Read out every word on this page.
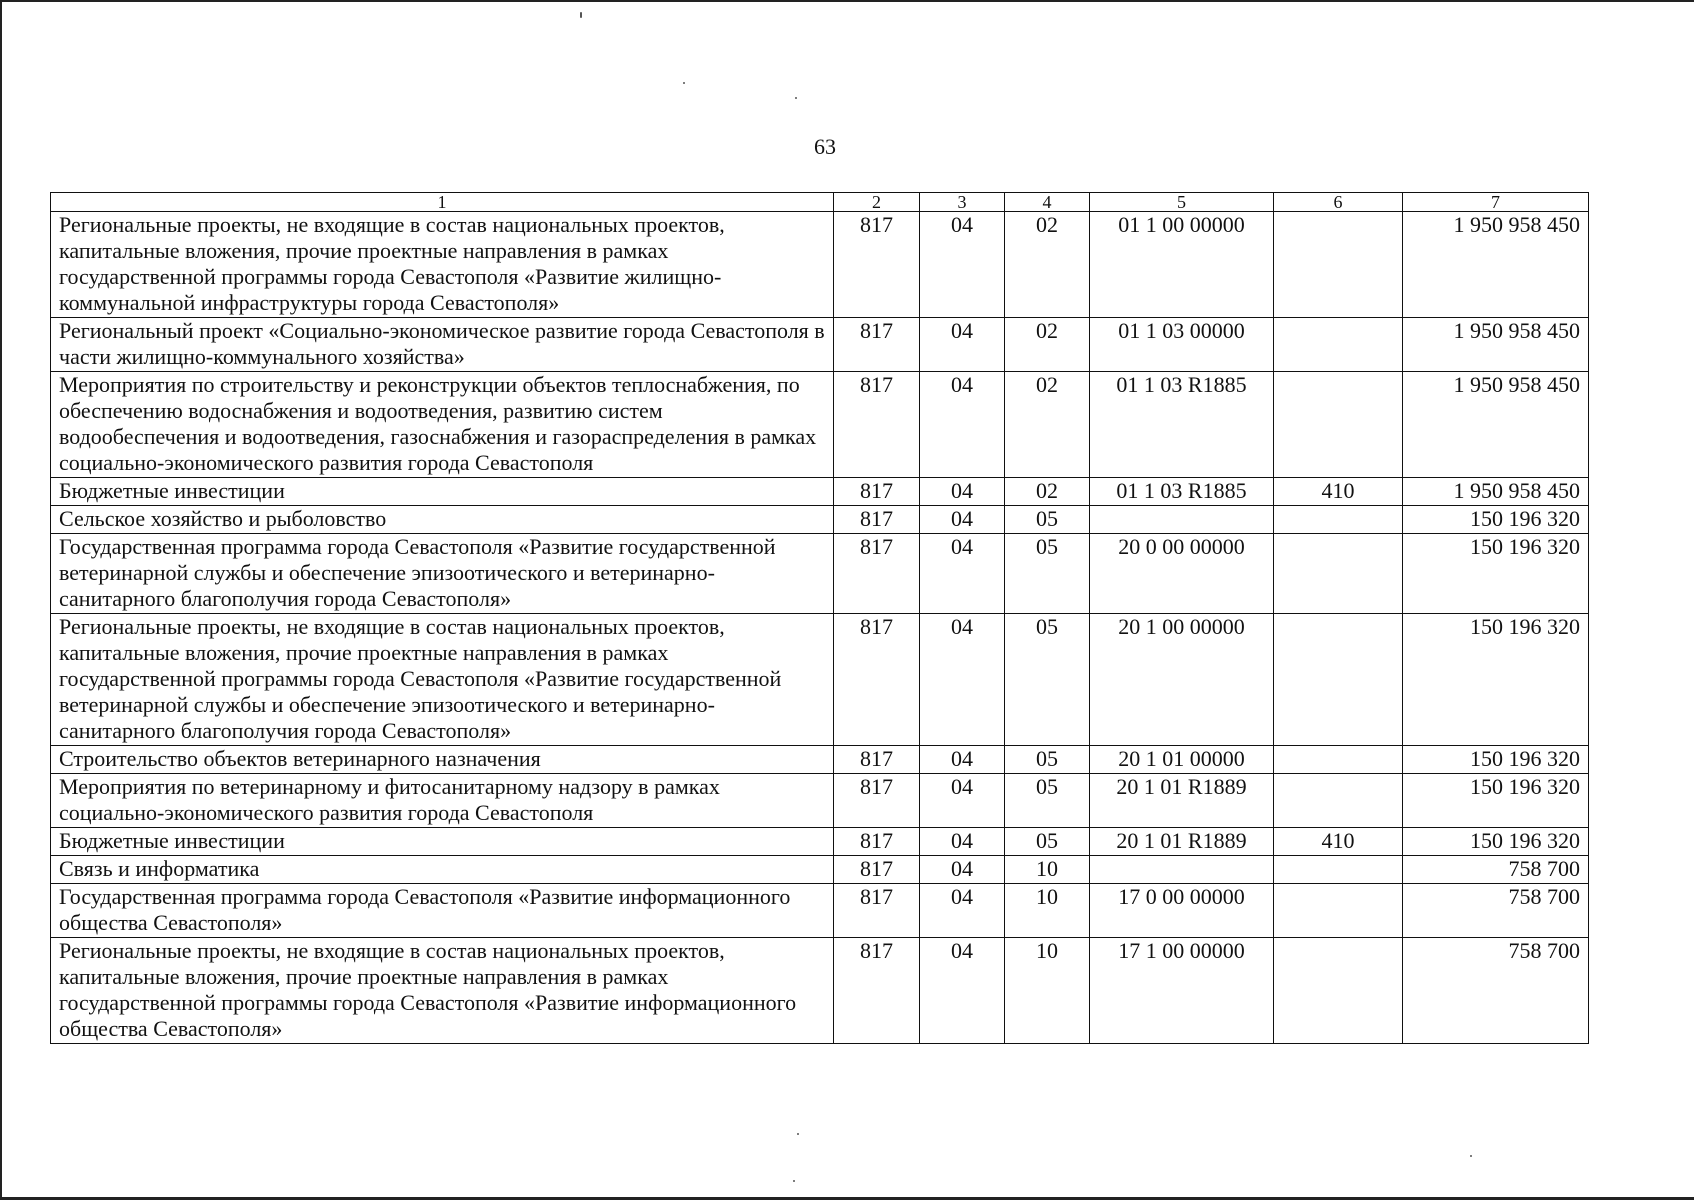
63
1	2	3	4	5	6	7
Региональные проекты, не входящие в состав национальных проектов, капитальные вложения, прочие проектные направления в рамках государственной программы города Севастополя «Развитие жилищно-коммунальной инфраструктуры города Севастополя»	817	04	02	01 1 00 00000		1 950 958 450
Региональный проект «Социально-экономическое развитие города Севастополя в части жилищно-коммунального хозяйства»	817	04	02	01 1 03 00000		1 950 958 450
Мероприятия по строительству и реконструкции объектов теплоснабжения, по обеспечению водоснабжения и водоотведения, развитию систем водообеспечения и водоотведения, газоснабжения и газораспределения в рамках социально-экономического развития города Севастополя	817	04	02	01 1 03 R1885		1 950 958 450
Бюджетные инвестиции	817	04	02	01 1 03 R1885	410	1 950 958 450
Сельское хозяйство и рыболовство	817	04	05			150 196 320
Государственная программа города Севастополя «Развитие государственной ветеринарной службы и обеспечение эпизоотического и ветеринарно-санитарного благополучия города Севастополя»	817	04	05	20 0 00 00000		150 196 320
Региональные проекты, не входящие в состав национальных проектов, капитальные вложения, прочие проектные направления в рамках государственной программы города Севастополя «Развитие государственной ветеринарной службы и обеспечение эпизоотического и ветеринарно-санитарного благополучия города Севастополя»	817	04	05	20 1 00 00000		150 196 320
Строительство объектов ветеринарного назначения	817	04	05	20 1 01 00000		150 196 320
Мероприятия по ветеринарному и фитосанитарному надзору в рамках социально-экономического развития города Севастополя	817	04	05	20 1 01 R1889		150 196 320
Бюджетные инвестиции	817	04	05	20 1 01 R1889	410	150 196 320
Связь и информатика	817	04	10			758 700
Государственная программа города Севастополя «Развитие информационного общества Севастополя»	817	04	10	17 0 00 00000		758 700
Региональные проекты, не входящие в состав национальных проектов, капитальные вложения, прочие проектные направления в рамках государственной программы города Севастополя «Развитие информационного общества Севастополя»	817	04	10	17 1 00 00000		758 700
